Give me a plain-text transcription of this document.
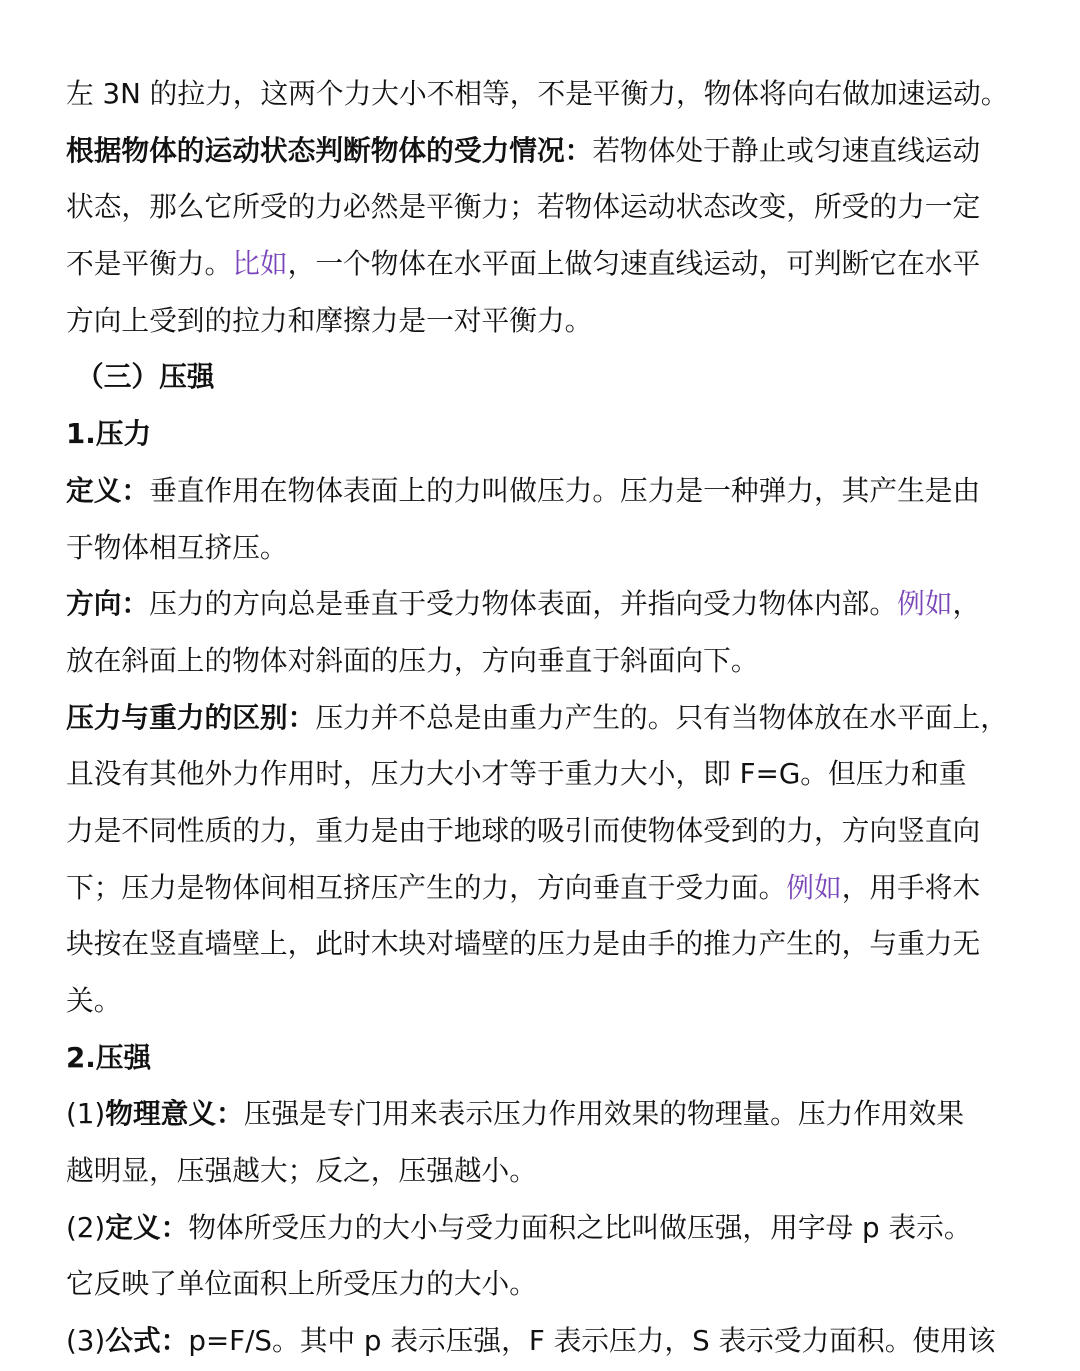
左 3N 的拉力，这两个力大小不相等，不是平衡力，物体将向右做加速运动。
根据物体的运动状态判断物体的受力情况：若物体处于静止或匀速直线运动
状态，那么它所受的力必然是平衡力；若物体运动状态改变，所受的力一定
不是平衡力。比如，一个物体在水平面上做匀速直线运动，可判断它在水平
方向上受到的拉力和摩擦力是一对平衡力。
（三）压强
1.压力
定义：垂直作用在物体表面上的力叫做压力。压力是一种弹力，其产生是由
于物体相互挤压。
方向：压力的方向总是垂直于受力物体表面，并指向受力物体内部。例如，
放在斜面上的物体对斜面的压力，方向垂直于斜面向下。
压力与重力的区别：压力并不总是由重力产生的。只有当物体放在水平面上，
且没有其他外力作用时，压力大小才等于重力大小，即 F=G。但压力和重
力是不同性质的力，重力是由于地球的吸引而使物体受到的力，方向竖直向
下；压力是物体间相互挤压产生的力，方向垂直于受力面。例如，用手将木
块按在竖直墙壁上，此时木块对墙壁的压力是由手的推力产生的，与重力无
关。
2.压强
(1)物理意义：压强是专门用来表示压力作用效果的物理量。压力作用效果
越明显，压强越大；反之，压强越小。
(2)定义：物体所受压力的大小与受力面积之比叫做压强，用字母 p 表示。
它反映了单位面积上所受压力的大小。
(3)公式：p=F/S。其中 p 表示压强，F 表示压力，S 表示受力面积。使用该
